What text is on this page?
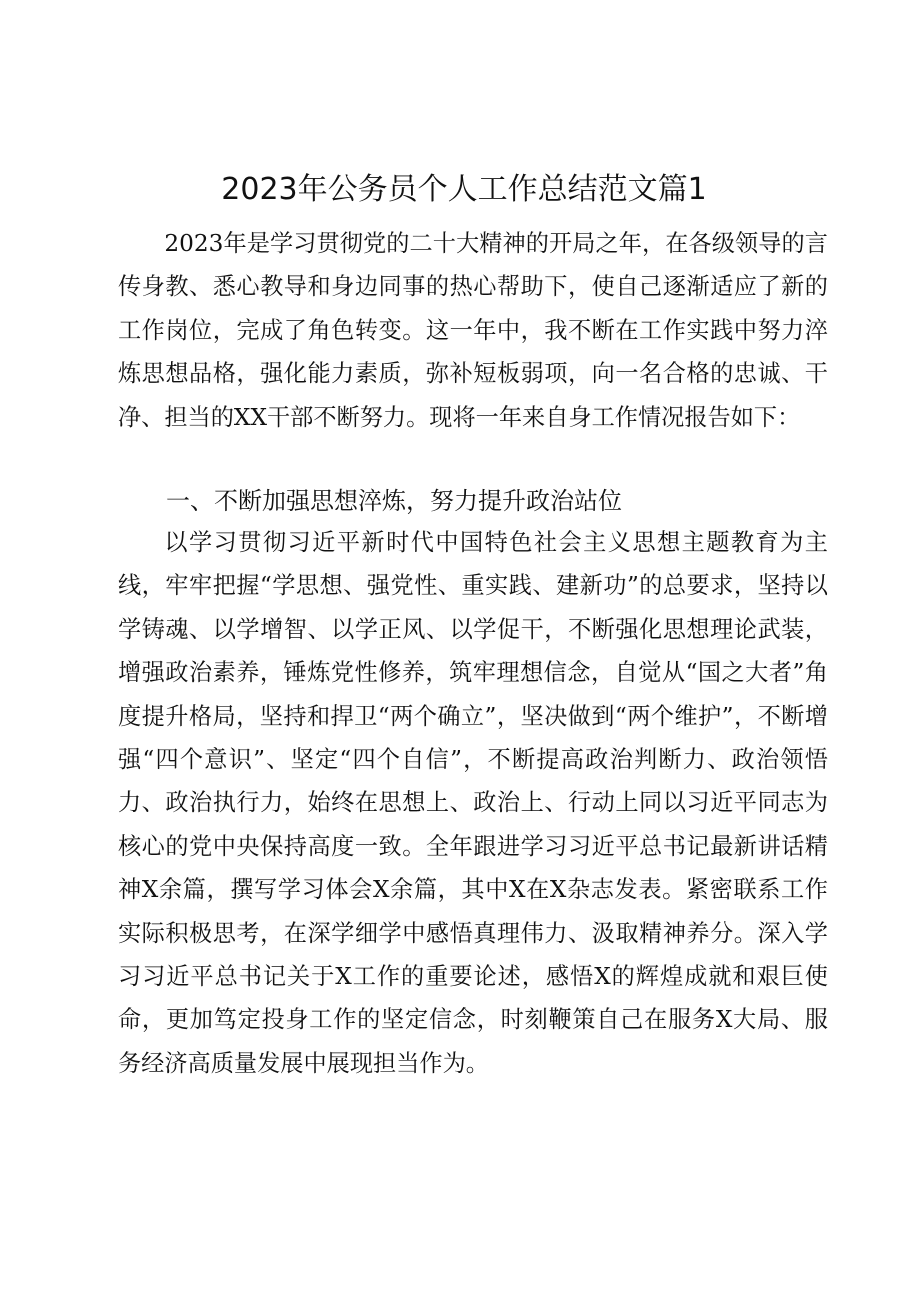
2023年公务员个人工作总结范文篇1

2023年是学习贯彻党的二十大精神的开局之年，在各级领导的言传身教、悉心教导和身边同事的热心帮助下，使自己逐渐适应了新的工作岗位，完成了角色转变。这一年中，我不断在工作实践中努力淬炼思想品格，强化能力素质，弥补短板弱项，向一名合格的忠诚、干净、担当的XX干部不断努力。现将一年来自身工作情况报告如下：

一、不断加强思想淬炼，努力提升政治站位

以学习贯彻习近平新时代中国特色社会主义思想主题教育为主线，牢牢把握“学思想、强党性、重实践、建新功”的总要求，坚持以学铸魂、以学增智、以学正风、以学促干，不断强化思想理论武装，增强政治素养，锤炼党性修养，筑牢理想信念，自觉从“国之大者”角度提升格局，坚持和捍卫“两个确立”，坚决做到“两个维护”，不断增强“四个意识”、坚定“四个自信”，不断提高政治判断力、政治领悟力、政治执行力，始终在思想上、政治上、行动上同以习近平同志为核心的党中央保持高度一致。全年跟进学习习近平总书记最新讲话精神X余篇，撰写学习体会X余篇，其中X在X杂志发表。紧密联系工作实际积极思考，在深学细学中感悟真理伟力、汲取精神养分。深入学习习近平总书记关于X工作的重要论述，感悟X的辉煌成就和艰巨使命，更加笃定投身工作的坚定信念，时刻鞭策自己在服务X大局、服务经济高质量发展中展现担当作为。
